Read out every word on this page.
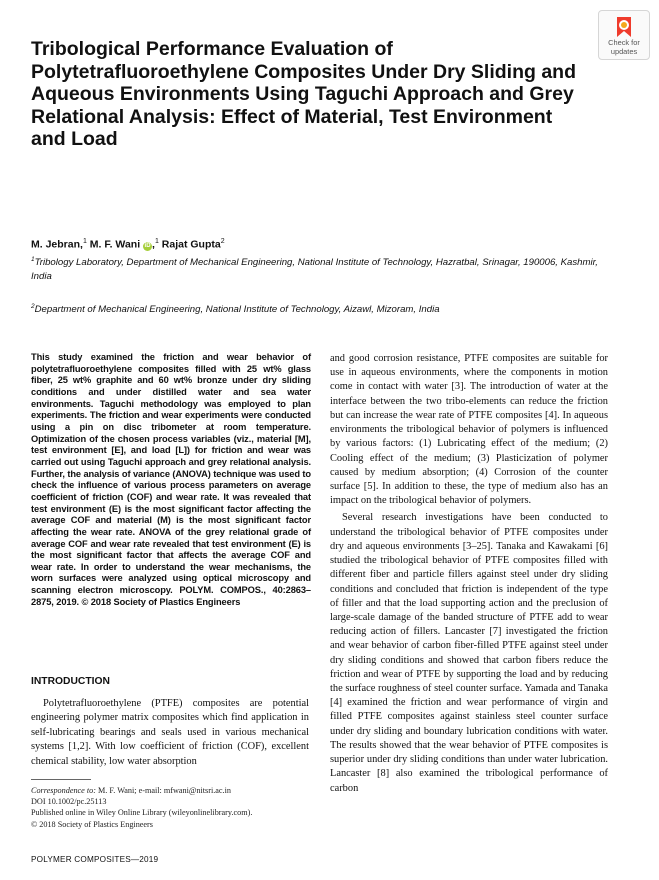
Check for
updates
Tribological Performance Evaluation of Polytetrafluoroethylene Composites Under Dry Sliding and Aqueous Environments Using Taguchi Approach and Grey Relational Analysis: Effect of Material, Test Environment and Load

M. Jebran,$^1$ M. F. Wani iD ,$^1$ Rajat Gupta$^2$

$^1$Tribology Laboratory, Department of Mechanical Engineering, National Institute of Technology, Hazratbal, Srinagar, 190006, Kashmir, India

$^2$Department of Mechanical Engineering, National Institute of Technology, Aizawl, Mizoram, India

This study examined the friction and wear behavior of polytetrafluoroethylene composites filled with 25 wt% glass fiber, 25 wt% graphite and 60 wt% bronze under dry sliding conditions and under distilled water and sea water environments. Taguchi methodology was employed to plan experiments. The friction and wear experiments were conducted using a pin on disc tribometer at room temperature. Optimization of the chosen process variables (viz., material [M], test environment [E], and load [L]) for friction and wear was carried out using Taguchi approach and grey relational analysis. Further, the analysis of variance (ANOVA) technique was used to check the influence of various process parameters on average coefficient of friction (COF) and wear rate. It was revealed that test environment (E) is the most significant factor affecting the average COF and material (M) is the most significant factor affecting the wear rate. ANOVA of the grey relational grade of average COF and wear rate revealed that test environment (E) is the most significant factor that affects the average COF and wear rate. In order to understand the wear mechanisms, the worn surfaces were analyzed using optical microscopy and scanning electron microscopy. POLYM. COMPOS., 40:2863–2875, 2019. © 2018 Society of Plastics Engineers

INTRODUCTION

Polytetrafluoroethylene (PTFE) composites are potential engineering polymer matrix composites which find application in self-lubricating bearings and seals used in various mechanical systems [1,2]. With low coefficient of friction (COF), excellent chemical stability, low water absorption

Correspondence to: M. F. Wani; e-mail: mfwani@nitsri.ac.in
DOI 10.1002/pc.25113
Published online in Wiley Online Library (wileyonlinelibrary.com).
© 2018 Society of Plastics Engineers

POLYMER COMPOSITES—2019

and good corrosion resistance, PTFE composites are suitable for use in aqueous environments, where the components in motion come in contact with water [3]. The introduction of water at the interface between the two tribo-elements can reduce the friction but can increase the wear rate of PTFE composites [4]. In aqueous environments the tribological behavior of polymers is influenced by various factors: (1) Lubricating effect of the medium; (2) Cooling effect of the medium; (3) Plasticization of polymer caused by medium absorption; (4) Corrosion of the counter surface [5]. In addition to these, the type of medium also has an impact on the tribological behavior of polymers.

Several research investigations have been conducted to understand the tribological behavior of PTFE composites under dry and aqueous environments [3–25]. Tanaka and Kawakami [6] studied the tribological behavior of PTFE composites filled with different fiber and particle fillers against steel under dry sliding conditions and concluded that friction is independent of the type of filler and that the load supporting action and the preclusion of large-scale damage of the banded structure of PTFE add to wear reducing action of fillers. Lancaster [7] investigated the friction and wear behavior of carbon fiber-filled PTFE against steel under dry sliding conditions and showed that carbon fibers reduce the friction and wear of PTFE by supporting the load and by reducing the surface roughness of steel counter surface. Yamada and Tanaka [4] examined the friction and wear performance of virgin and filled PTFE composites against stainless steel counter surface under dry sliding and boundary lubrication conditions with water. The results showed that the wear behavior of PTFE composites is superior under dry sliding conditions than under water lubrication. Lancaster [8] also examined the tribological performance of carbon
